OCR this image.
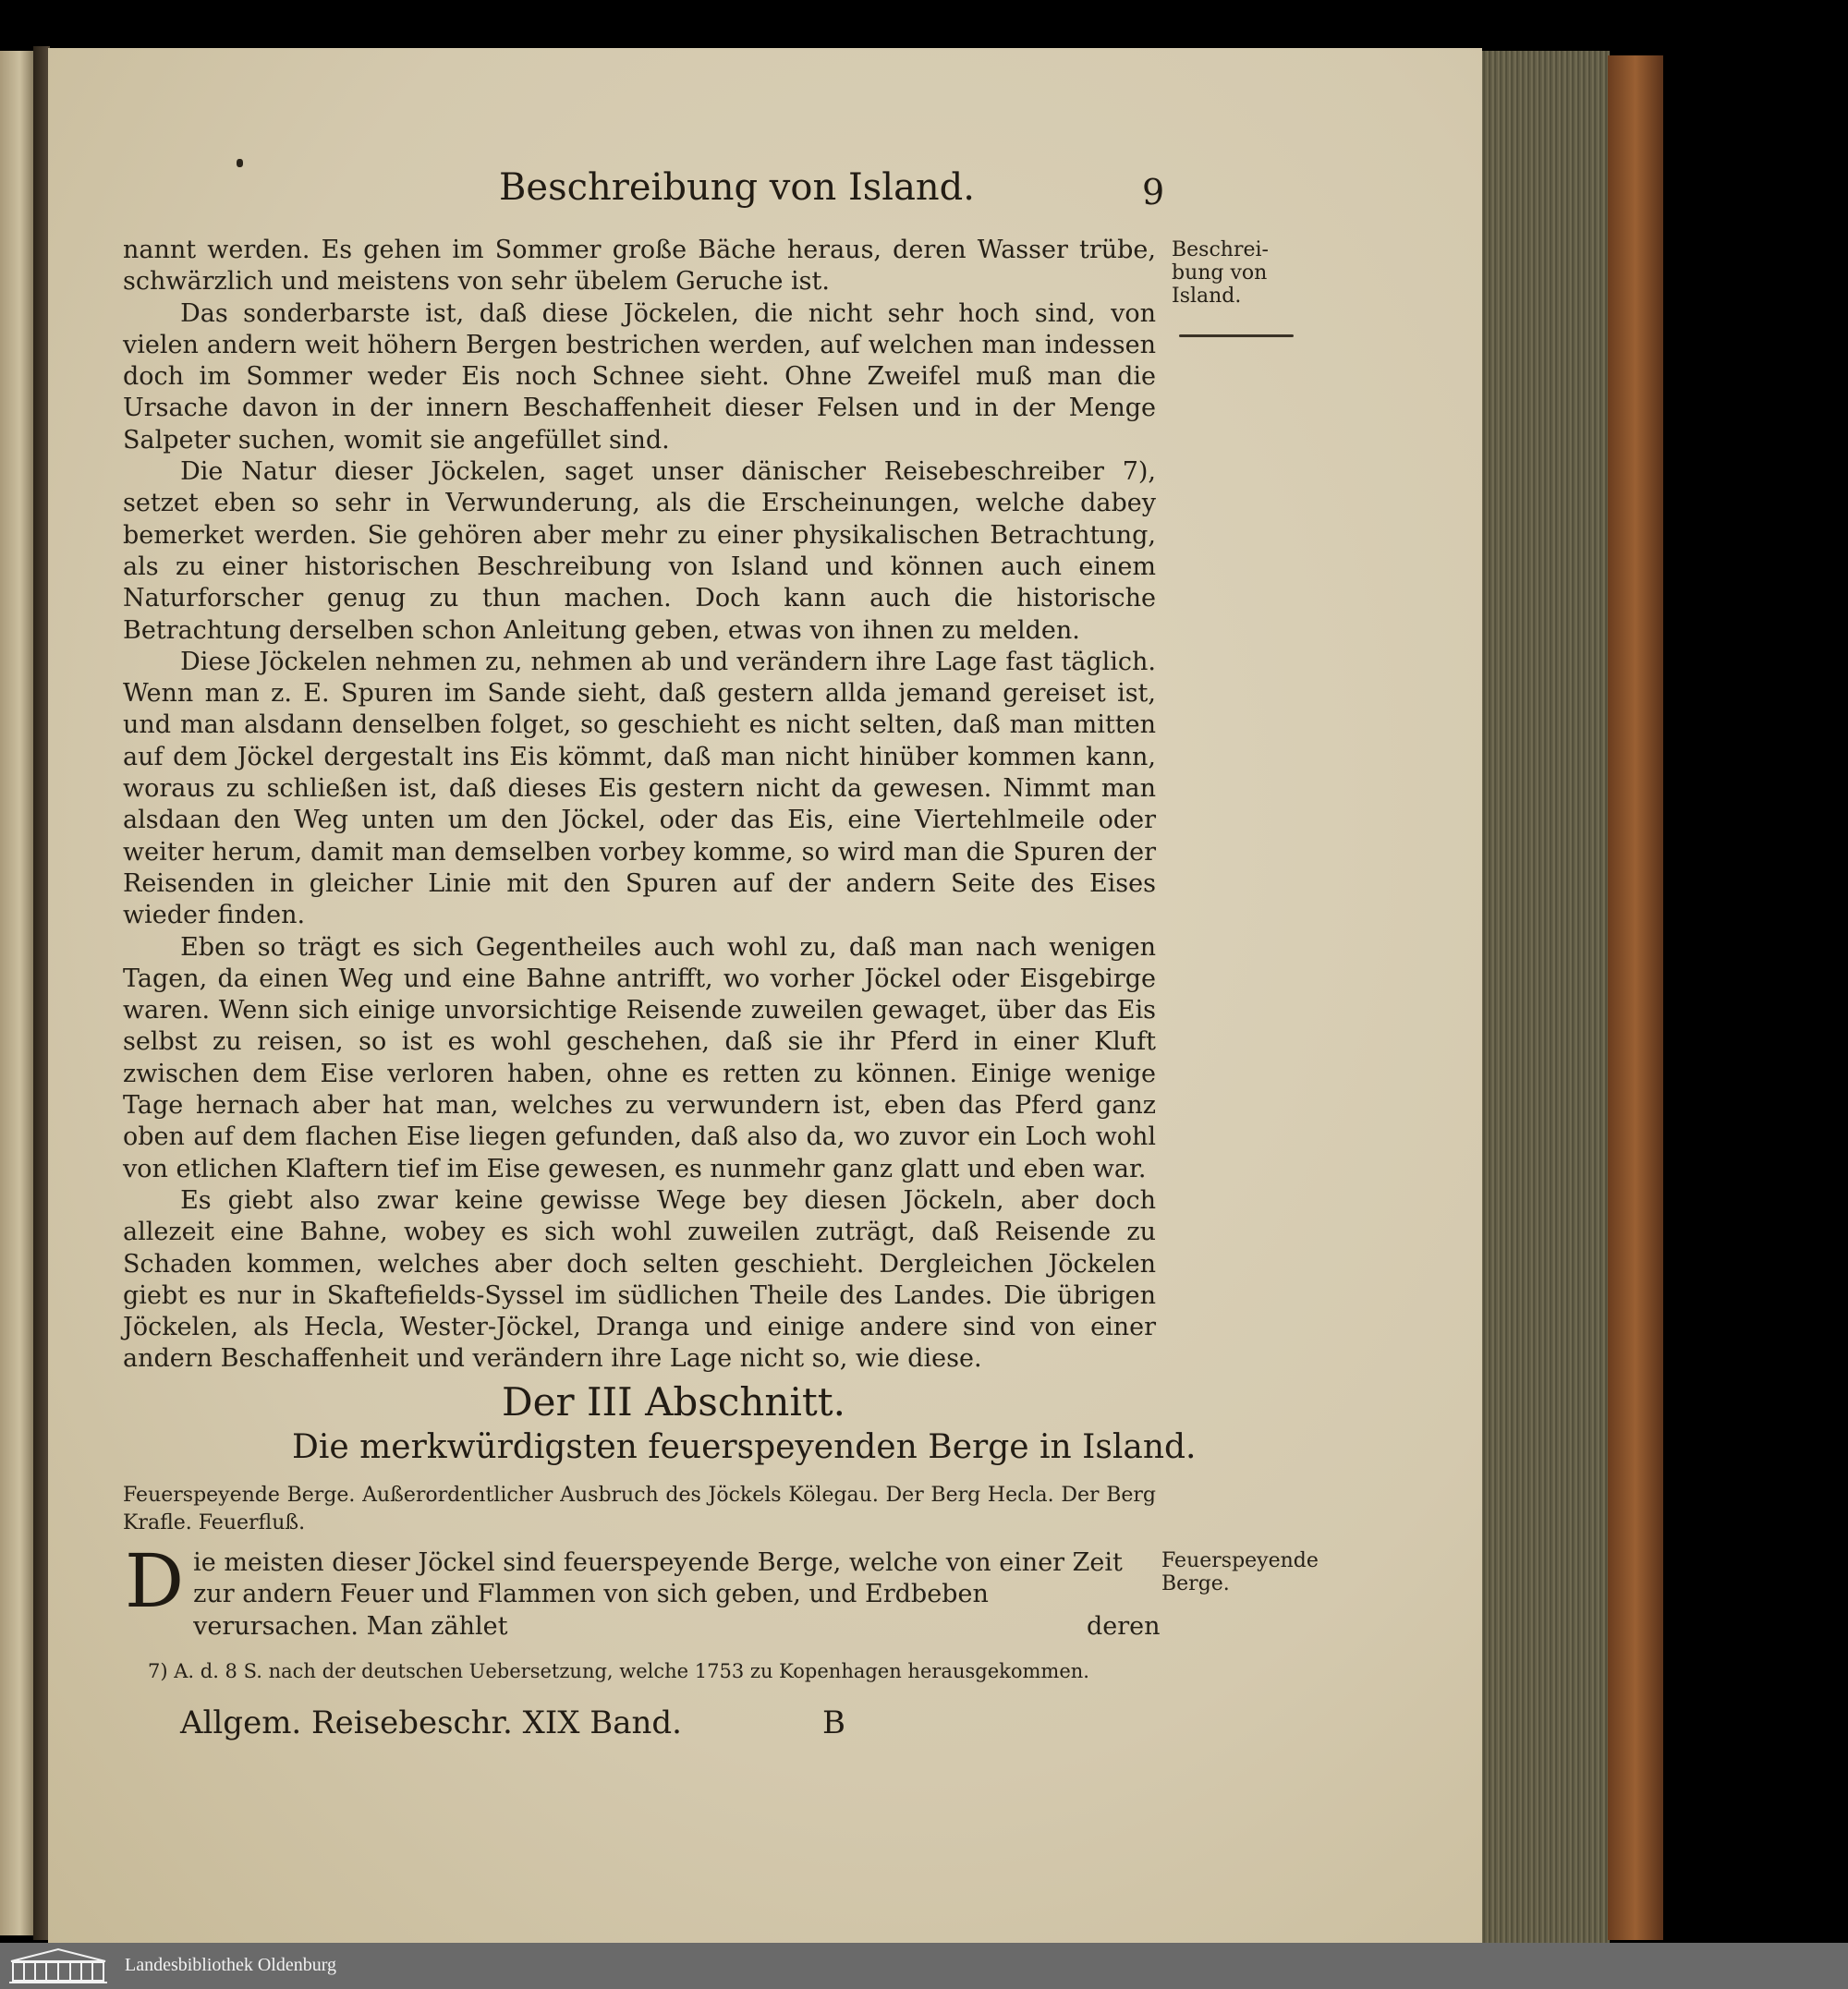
Beschreibung von Island.	9

nannt werden. Es gehen im Sommer große Bäche heraus, deren Wasser trübe, schwärzlich und meistens von sehr übelem Geruche ist.

Das sonderbarste ist, daß diese Jöckelen, die nicht sehr hoch sind, von vielen andern weit höhern Bergen bestrichen werden, auf welchen man indessen doch im Sommer weder Eis noch Schnee sieht. Ohne Zweifel muß man die Ursache davon in der innern Beschaffenheit dieser Felsen und in der Menge Salpeter suchen, womit sie angefüllet sind.

Die Natur dieser Jöckelen, saget unser dänischer Reisebeschreiber 7), setzet eben so sehr in Verwunderung, als die Erscheinungen, welche dabey bemerket werden. Sie gehören aber mehr zu einer physikalischen Betrachtung, als zu einer historischen Beschreibung von Island und können auch einem Naturforscher genug zu thun machen. Doch kann auch die historische Betrachtung derselben schon Anleitung geben, etwas von ihnen zu melden.

Diese Jöckelen nehmen zu, nehmen ab und verändern ihre Lage fast täglich. Wenn man z. E. Spuren im Sande sieht, daß gestern allda jemand gereiset ist, und man alsdann denselben folget, so geschieht es nicht selten, daß man mitten auf dem Jöckel dergestalt ins Eis kömmt, daß man nicht hinüber kommen kann, woraus zu schließen ist, daß dieses Eis gestern nicht da gewesen. Nimmt man alsdaan den Weg unten um den Jöckel, oder das Eis, eine Viertehlmeile oder weiter herum, damit man demselben vorbey komme, so wird man die Spuren der Reisenden in gleicher Linie mit den Spuren auf der andern Seite des Eises wieder finden.

Eben so trägt es sich Gegentheiles auch wohl zu, daß man nach wenigen Tagen, da einen Weg und eine Bahne antrifft, wo vorher Jöckel oder Eisgebirge waren. Wenn sich einige unvorsichtige Reisende zuweilen gewaget, über das Eis selbst zu reisen, so ist es wohl geschehen, daß sie ihr Pferd in einer Kluft zwischen dem Eise verloren haben, ohne es retten zu können. Einige wenige Tage hernach aber hat man, welches zu verwundern ist, eben das Pferd ganz oben auf dem flachen Eise liegen gefunden, daß also da, wo zuvor ein Loch wohl von etlichen Klaftern tief im Eise gewesen, es nunmehr ganz glatt und eben war.

Es giebt also zwar keine gewisse Wege bey diesen Jöckeln, aber doch allezeit eine Bahne, wobey es sich wohl zuweilen zuträgt, daß Reisende zu Schaden kommen, welches aber doch selten geschieht. Dergleichen Jöckelen giebt es nur in Skaftefields-Syssel im südlichen Theile des Landes. Die übrigen Jöckelen, als Hecla, Wester-Jöckel, Dranga und einige andere sind von einer andern Beschaffenheit und verändern ihre Lage nicht so, wie diese.

Beschrei-
bung von
Island.
Der III Abschnitt.
Die merkwürdigsten feuerspeyenden Berge in Island.
Feuerspeyende Berge. Außerordentlicher Ausbruch des Jöckels Kölegau. Der Berg Hecla. Der Berg Krafle. Feuerfluß.
D ie meisten dieser Jöckel sind feuerspeyende Berge, welche von einer Zeit zur andern Feuer und Flammen von sich geben, und Erdbeben verursachen. Man zählet	deren
Feuerspeyende
Berge.
7) A. d. 8 S. nach der deutschen Uebersetzung, welche 1753 zu Kopenhagen herausgekommen.
Allgem. Reisebeschr. XIX Band.	B
Landesbibliothek Oldenburg
